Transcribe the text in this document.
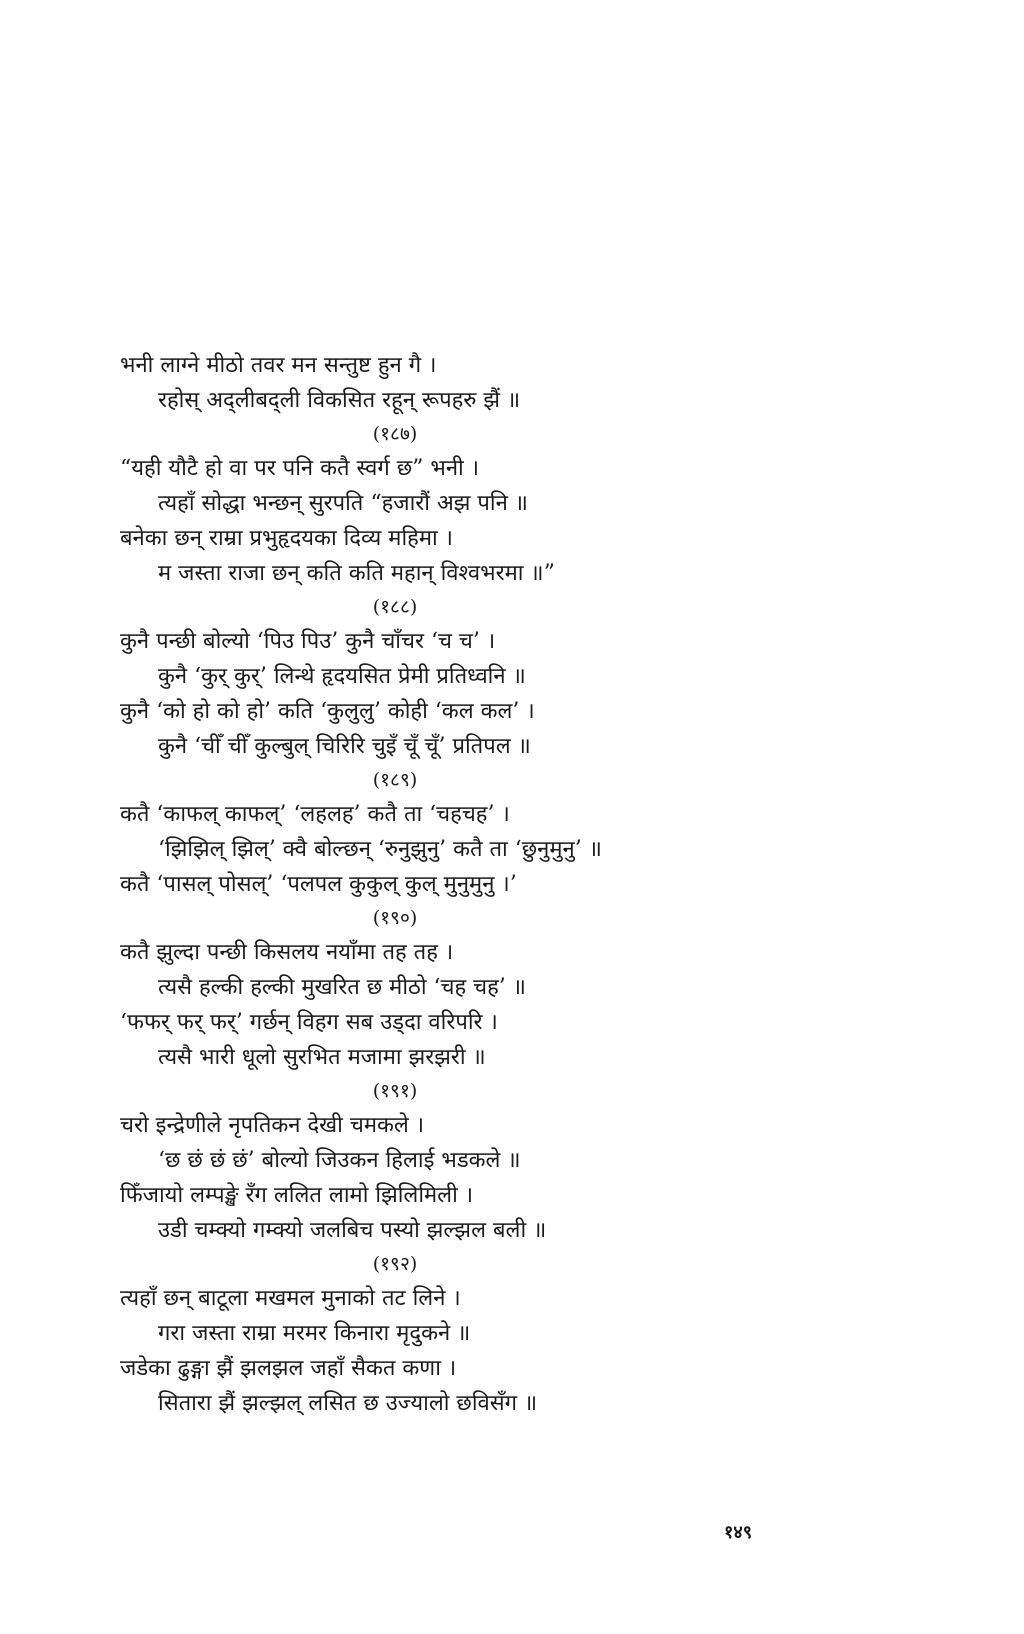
भनी लाग्ने मीठो तवर मन सन्तुष्ट हुन गै ।
रहोस् अद्लीबद्ली विकसित रहून् रूपहरु झैं ॥
(१८७)
“यही यौटै हो वा पर पनि कतै स्वर्ग छ” भनी ।
त्यहाँ सोद्धा भन्छन् सुरपति “हजारौं अझ पनि ॥
बनेका छन् राम्रा प्रभुहृदयका दिव्य महिमा ।
म जस्ता राजा छन् कति कति महान् विश्वभरमा ॥”
(१८८)
कुनै पन्छी बोल्यो ‘पिउ पिउ’ कुनै चाँचर ‘च च’ ।
कुनै ‘कुर् कुर्’ लिन्थे हृदयसित प्रेमी प्रतिध्वनि ॥
कुनै ‘को हो को हो’ कति ‘कुलुलु’ कोही ‘कल कल’ ।
कुनै ‘चीँ चीँ कुल्बुल् चिरिरि चुइँ चूँ चूँ’ प्रतिपल ॥
(१८९)
कतै ‘काफल् काफल्’ ‘लहलह’ कतै ता ‘चहचह’ ।
‘झिझिल् झिल्’ क्वै बोल्छन् ‘रुनुझुनु’ कतै ता ‘छुनुमुनु’ ॥
कतै ‘पासल् पोसल्’ ‘पलपल कुकुल् कुल् मुनुमुनु ।’
(१९०)
कतै झुल्दा पन्छी किसलय नयाँमा तह तह ।
त्यसै हल्की हल्की मुखरित छ मीठो ‘चह चह’ ॥
‘फफर् फर् फर्’ गर्छन् विहग सब उड्दा वरिपरि ।
त्यसै भारी धूलो सुरभित मजामा झरझरी ॥
(१९१)
चरो इन्द्रेणीले नृपतिकन देखी चमकले ।
‘छ छं छं छं’ बोल्यो जिउकन हिलाई भडकले ॥
फिँजायो लम्पङ्खे रँग ललित लामो झिलिमिली ।
उडी चम्क्यो गम्क्यो जलबिच पस्यो झल्झल बली ॥
(१९२)
त्यहाँ छन् बाटूला मखमल मुनाको तट लिने ।
गरा जस्ता राम्रा मरमर किनारा मृदुकने ॥
जडेका ढुङ्गा झैं झलझल जहाँ सैकत कणा ।
सितारा झैं झल्झल् लसित छ उज्यालो छविसँग ॥
१४९
